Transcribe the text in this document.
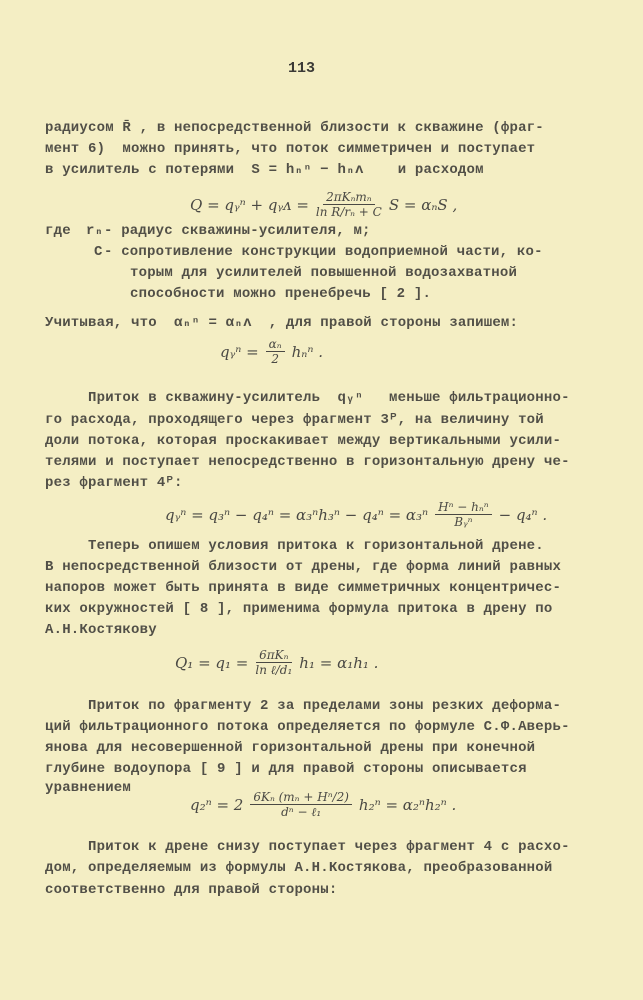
113
радиусом R̄ , в непосредственной близости к скважине (фраг-
мент 6)  можно принять, что поток симметричен и поступает
в усилитель с потерями  S = hₙⁿ − hₙᴧ    и расходом
Q = qᵧⁿ + qᵧᴧ = $\frac{\text{2πKₙmₙ}}{\text{ln R/rₙ + C}}$ S = αₙS ,
где rₙ - радиус скважины-усилителя, м;
C - сопротивление конструкции водоприемной части, ко-
торым для усилителей повышенной водозахватной
способности можно пренебречь [ 2 ].
Учитывая, что  αₙⁿ = αₙᴧ  , для правой стороны запишем:
qᵧⁿ = $\frac{\text{αₙ}}{2}$ hₙⁿ .
Приток в скважину-усилитель  qᵧⁿ   меньше фильтрационно-
го расхода, проходящего через фрагмент 3ᴾ, на величину той
доли потока, которая проскакивает между вертикальными усили-
телями и поступает непосредственно в горизонтальную дрену че-
рез фрагмент 4ᴾ:
qᵧⁿ = $q_3^n - q_4^n = \alpha_3^nh_3^n - q_4^n = \alpha_3^n \frac{\text{Hⁿ − hₙⁿ}}{\text{Bᵧⁿ}} - q_4^n$ .
Теперь опишем условия притока к горизонтальной дрене.
В непосредственной близости от дрены, где форма линий равных
напоров может быть принята в виде симметричных концентричес-
ких окружностей [ 8 ], применима формула притока в дрену по
А.Н.Костякову
$Q_1 = q_1 = \frac{\text{6πKₙ}}{\text{ln ℓ/d₁}} h_1 = \alpha_1h_1$ .
Приток по фрагменту 2 за пределами зоны резких деформа-
ций фильтрационного потока определяется по формуле С.Ф.Аверь-
янова для несовершенной горизонтальной дрены при конечной
глубине водоупора [ 9 ] и для правой стороны описывается
уравнением
$q_2^n = 2 \frac{\text{6Kₙ (mₙ + Hⁿ/2)}}{\text{dⁿ − ℓ₁}} h_2^n = \alpha_2^nh_2^n$ .
Приток к дрене снизу поступает через фрагмент 4 с расхо-
дом, определяемым из формулы А.Н.Костякова, преобразованной
соответственно для правой стороны:
